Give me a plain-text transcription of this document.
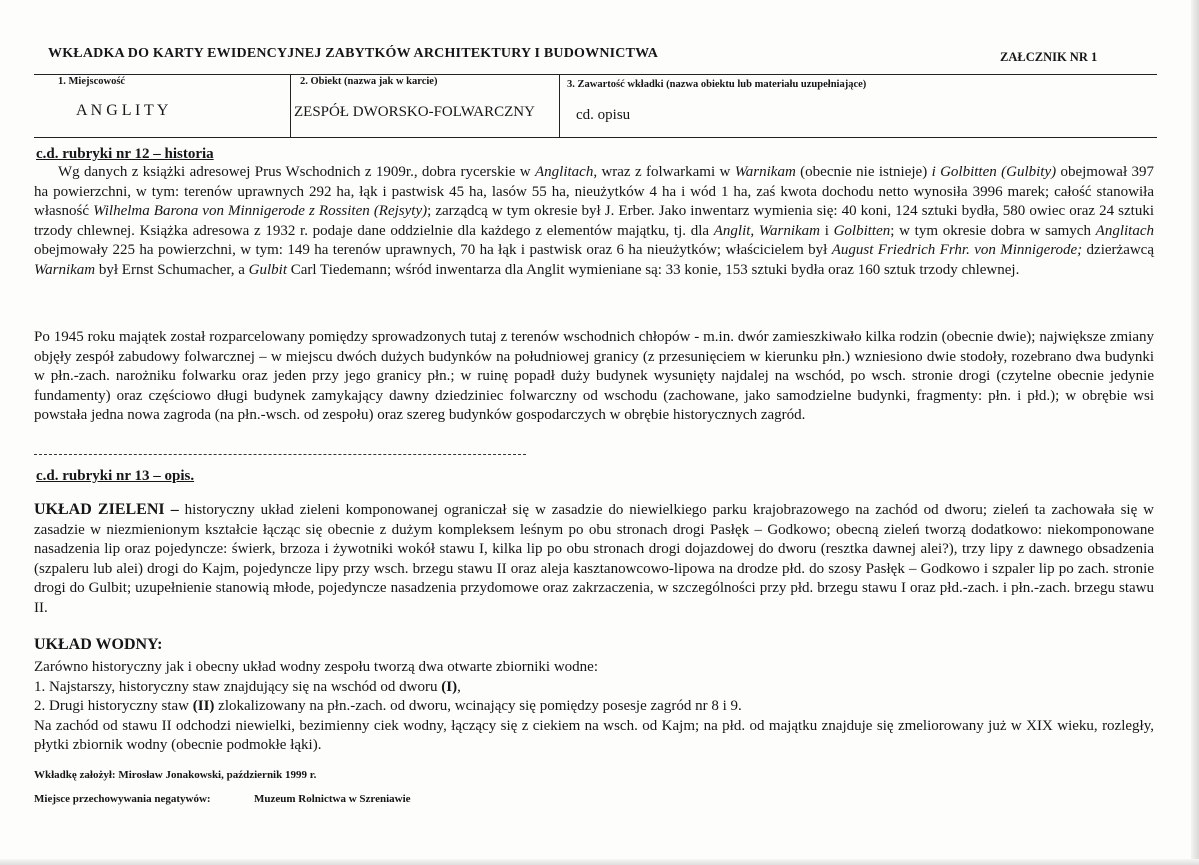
WKŁADKA DO KARTY EWIDENCYJNEJ ZABYTKÓW ARCHITEKTURY I BUDOWNICTWA	ZAŁCZNIK NR 1
1. Miejscowość
A N G L I T Y
2. Obiekt (nazwa jak w karcie)
ZESPÓŁ DWORSKO-FOLWARCZNY
3. Zawartość wkładki (nazwa obiektu lub materiału uzupełniające)
cd. opisu
c.d. rubryki nr 12 – historia
Wg danych z książki adresowej Prus Wschodnich z 1909r., dobra rycerskie w Anglitach, wraz z folwarkami w Warnikam (obecnie nie istnieje) i Golbitten (Gulbity) obejmował 397 ha powierzchni, w tym: terenów uprawnych 292 ha, łąk i pastwisk 45 ha, lasów 55 ha, nieużytków 4 ha i wód 1 ha, zaś kwota dochodu netto wynosiła 3996 marek; całość stanowiła własność Wilhelma Barona von Minnigerode z Rossiten (Rejsyty); zarządcą w tym okresie był J. Erber. Jako inwentarz wymienia się: 40 koni, 124 sztuki bydła, 580 owiec oraz 24 sztuki trzody chlewnej. Książka adresowa z 1932 r. podaje dane oddzielnie dla każdego z elementów majątku, tj. dla Anglit, Warnikam i Golbitten; w tym okresie dobra w samych Anglitach obejmowały 225 ha powierzchni, w tym: 149 ha terenów uprawnych, 70 ha łąk i pastwisk oraz 6 ha nieużytków; właścicielem był August Friedrich Frhr. von Minnigerode; dzierżawcą Warnikam był Ernst Schumacher, a Gulbit Carl Tiedemann; wśród inwentarza dla Anglit wymieniane są: 33 konie, 153 sztuki bydła oraz 160 sztuk trzody chlewnej.
Po 1945 roku majątek został rozparcelowany pomiędzy sprowadzonych tutaj z terenów wschodnich chłopów - m.in. dwór zamieszkiwało kilka rodzin (obecnie dwie); największe zmiany objęły zespół zabudowy folwarcznej – w miejscu dwóch dużych budynków na południowej granicy (z przesunięciem w kierunku płn.) wzniesiono dwie stodoły, rozebrano dwa budynki w płn.-zach. narożniku folwarku oraz jeden przy jego granicy płn.; w ruinę popadł duży budynek wysunięty najdalej na wschód, po wsch. stronie drogi (czytelne obecnie jedynie fundamenty) oraz częściowo długi budynek zamykający dawny dziedziniec folwarczny od wschodu (zachowane, jako samodzielne budynki, fragmenty: płn. i płd.); w obrębie wsi powstała jedna nowa zagroda (na płn.-wsch. od zespołu) oraz szereg budynków gospodarczych w obrębie historycznych zagród.
c.d. rubryki nr 13 – opis.
UKŁAD ZIELENI – historyczny układ zieleni komponowanej ograniczał się w zasadzie do niewielkiego parku krajobrazowego na zachód od dworu; zieleń ta zachowała się w zasadzie w niezmienionym kształcie łącząc się obecnie z dużym kompleksem leśnym po obu stronach drogi Pasłęk – Godkowo; obecną zieleń tworzą dodatkowo: niekomponowane nasadzenia lip oraz pojedyncze: świerk, brzoza i żywotniki wokół stawu I, kilka lip po obu stronach drogi dojazdowej do dworu (resztka dawnej alei?), trzy lipy z dawnego obsadzenia (szpaleru lub alei) drogi do Kajm, pojedyncze lipy przy wsch. brzegu stawu II oraz aleja kasztanowcowo-lipowa na drodze płd. do szosy Pasłęk – Godkowo i szpaler lip po zach. stronie drogi do Gulbit; uzupełnienie stanowią młode, pojedyncze nasadzenia przydomowe oraz zakrzaczenia, w szczególności przy płd. brzegu stawu I oraz płd.-zach. i płn.-zach. brzegu stawu II.
UKŁAD WODNY:
Zarówno historyczny jak i obecny układ wodny zespołu tworzą dwa otwarte zbiorniki wodne:
1. Najstarszy, historyczny staw znajdujący się na wschód od dworu (I),
2. Drugi historyczny staw (II) zlokalizowany na płn.-zach. od dworu, wcinający się pomiędzy posesje zagród nr 8 i 9.
Na zachód od stawu II odchodzi niewielki, bezimienny ciek wodny, łączący się z ciekiem na wsch. od Kajm; na płd. od majątku znajduje się zmeliorowany już w XIX wieku, rozległy, płytki zbiornik wodny (obecnie podmokłe łąki).
Wkładkę założył: Mirosław Jonakowski, październik 1999 r.
Miejsce przechowywania negatywów:	Muzeum Rolnictwa w Szreniawie
